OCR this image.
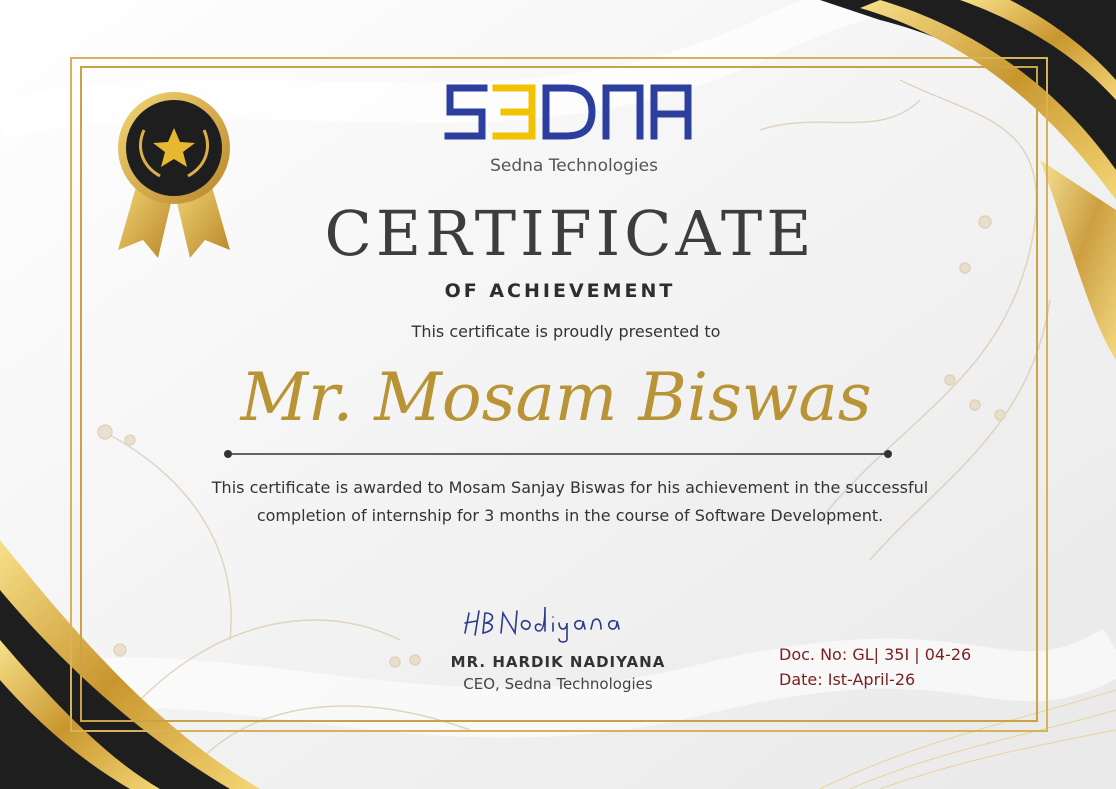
Sedna Technologies
CERTIFICATE
OF ACHIEVEMENT
This certificate is proudly presented to
Mr. Mosam Biswas
This certificate is awarded to Mosam Sanjay Biswas for his achievement in the successful
completion of internship for 3 months in the course of Software Development.
MR. HARDIK NADIYANA
CEO, Sedna Technologies
Doc. No: GL| 35I | 04-26
Date: Ist-April-26
